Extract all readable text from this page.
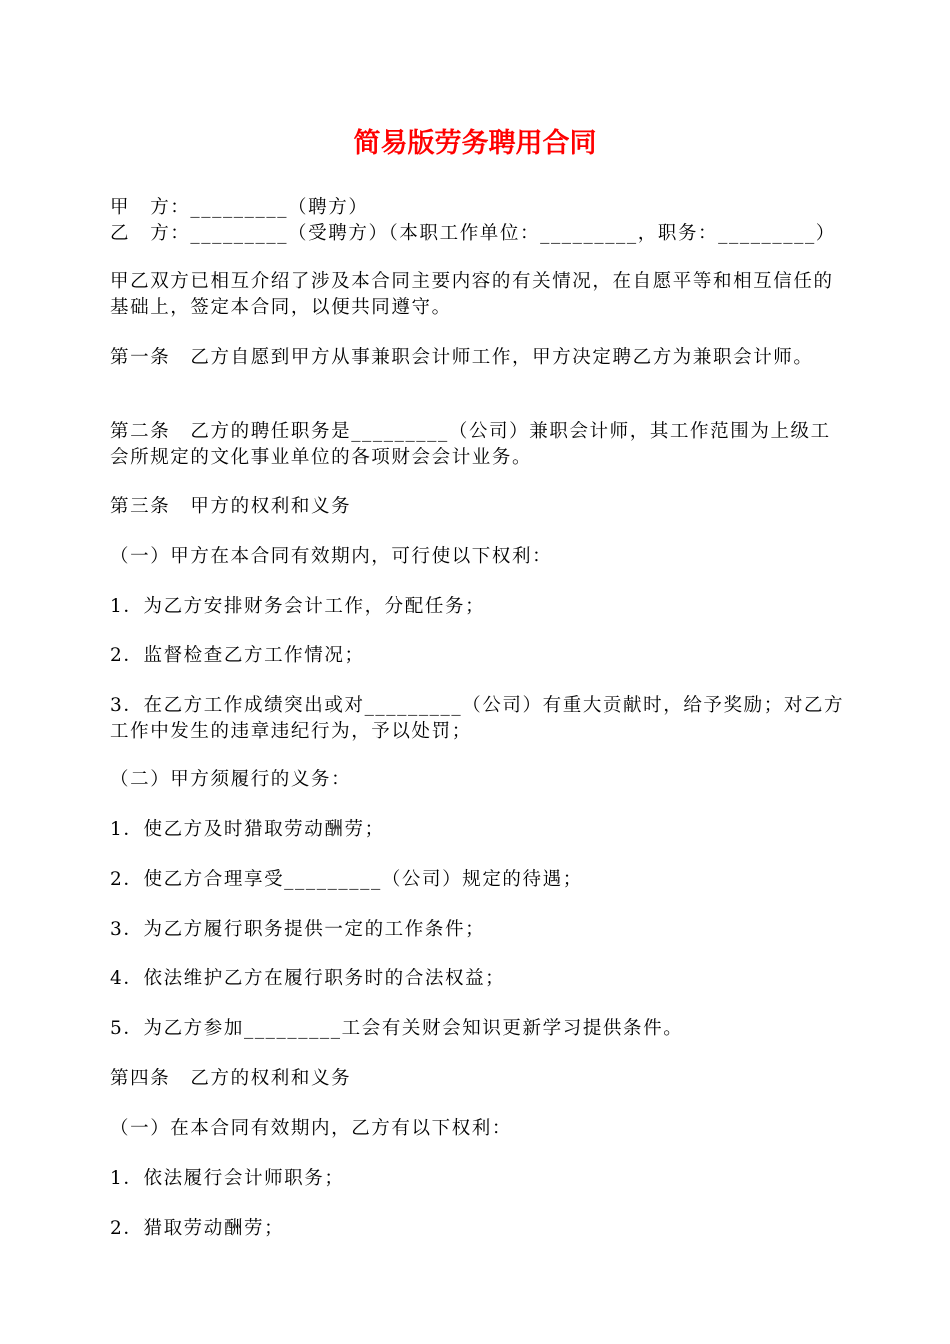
简易版劳务聘用合同
甲　方：_________（聘方）
乙　方：_________（受聘方）（本职工作单位：_________，职务：_________）
甲乙双方已相互介绍了涉及本合同主要内容的有关情况，在自愿平等和相互信任的基础上，签定本合同，以便共同遵守。
第一条　乙方自愿到甲方从事兼职会计师工作，甲方决定聘乙方为兼职会计师。
第二条　乙方的聘任职务是_________（公司）兼职会计师，其工作范围为上级工会所规定的文化事业单位的各项财会会计业务。
第三条　甲方的权利和义务
（一）甲方在本合同有效期内，可行使以下权利：
1．为乙方安排财务会计工作，分配任务；
2．监督检查乙方工作情况；
3．在乙方工作成绩突出或对_________（公司）有重大贡献时，给予奖励；对乙方工作中发生的违章违纪行为，予以处罚；
（二）甲方须履行的义务：
1．使乙方及时猎取劳动酬劳；
2．使乙方合理享受_________（公司）规定的待遇；
3．为乙方履行职务提供一定的工作条件；
4．依法维护乙方在履行职务时的合法权益；
5．为乙方参加_________工会有关财会知识更新学习提供条件。
第四条　乙方的权利和义务
（一）在本合同有效期内，乙方有以下权利：
1．依法履行会计师职务；
2．猎取劳动酬劳；
